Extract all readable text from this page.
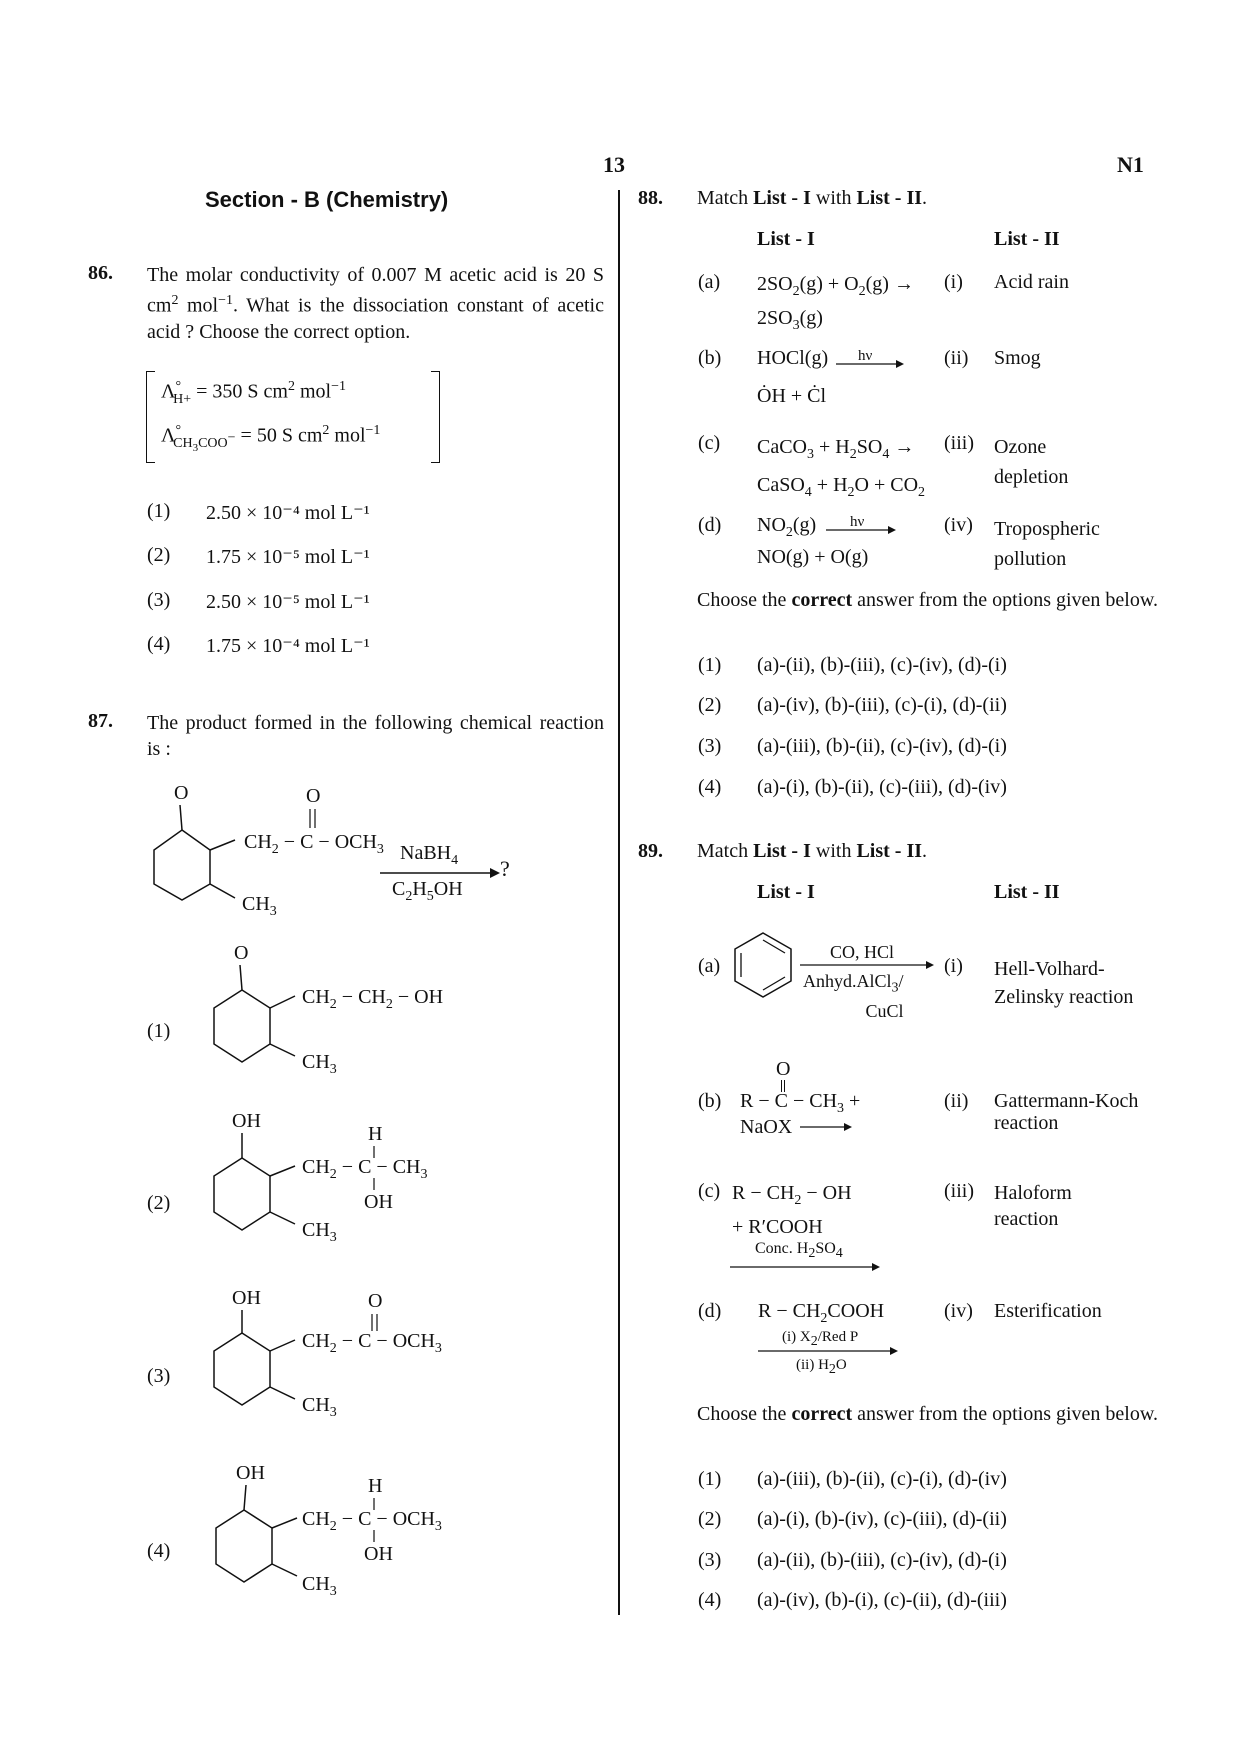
13	N1
Section - B (Chemistry)
86. The molar conductivity of 0.007 M acetic acid is 20 S $cm^2$ mol$^{-1}$. What is the dissociation constant of acetic acid ? Choose the correct option.
$\Lambda^\circ_{H+} = 350$ S $cm^2$ mol$^{-1}$
$\Lambda^\circ_{CH_3COO^-} = 50$ S $cm^2$ mol$^{-1}$
(1) 2.50 × 10⁻⁴ mol L⁻¹
(2) 1.75 × 10⁻⁵ mol L⁻¹
(3) 2.50 × 10⁻⁵ mol L⁻¹
(4) 1.75 × 10⁻⁴ mol L⁻¹
87. The product formed in the following chemical reaction is :
O
$CH_2 - C - OCH_3$
O
$CH_3$
NaBH$_4$
$C_2H_5OH$
?
(1)
O
$CH_2 - CH_2$ − OH
$CH_3$
(2)
OH
H
$CH_2 - C - CH_3$
OH
$CH_3$
(3)
OH	O
$CH_2 - C - OCH_3$
$CH_3$
(4)
OH
H
$CH_2 - C - OCH_3$
OH
$CH_3$
88. Match List - I with List - II.
List - I	List - II
(a) $2SO_2(g) + O_2(g)$ →
$2SO_3(g)$
(i) Acid rain
(b) HOCl(g) hν
ȮH + Ċl
(ii) Smog
(c) CaCO$_3$ + $H_2SO_4$ →
CaSO$_4$ + $H_2O + CO_2$
(iii) Ozone depletion
(d) $NO_2(g)$ hν
NO(g) + O(g)
(iv) Tropospheric pollution
Choose the correct answer from the options given below.
(1) (a)-(ii), (b)-(iii), (c)-(iv), (d)-(i)
(2) (a)-(iv), (b)-(iii), (c)-(i), (d)-(ii)
(3) (a)-(iii), (b)-(ii), (c)-(iv), (d)-(i)
(4) (a)-(i), (b)-(ii), (c)-(iii), (d)-(iv)
89. Match List - I with List - II.
List - I	List - II
(a)
CO, HCl
Anhyd.AlCl$_3$/
CuCl
(i) Hell-Volhard-Zelinsky reaction
(b)
O
$R - C - CH_3$ +
NaOX
(ii) Gattermann-Koch reaction
(c) $R - CH_2$ − OH
+ R′COOH
Conc. $H_2SO_4$
(iii) Haloform reaction
(d) $R - CH_2COOH$
(i) $X_2$/Red P
(ii) $H_2O$
(iv) Esterification
Choose the correct answer from the options given below.
(1) (a)-(iii), (b)-(ii), (c)-(i), (d)-(iv)
(2) (a)-(i), (b)-(iv), (c)-(iii), (d)-(ii)
(3) (a)-(ii), (b)-(iii), (c)-(iv), (d)-(i)
(4) (a)-(iv), (b)-(i), (c)-(ii), (d)-(iii)
